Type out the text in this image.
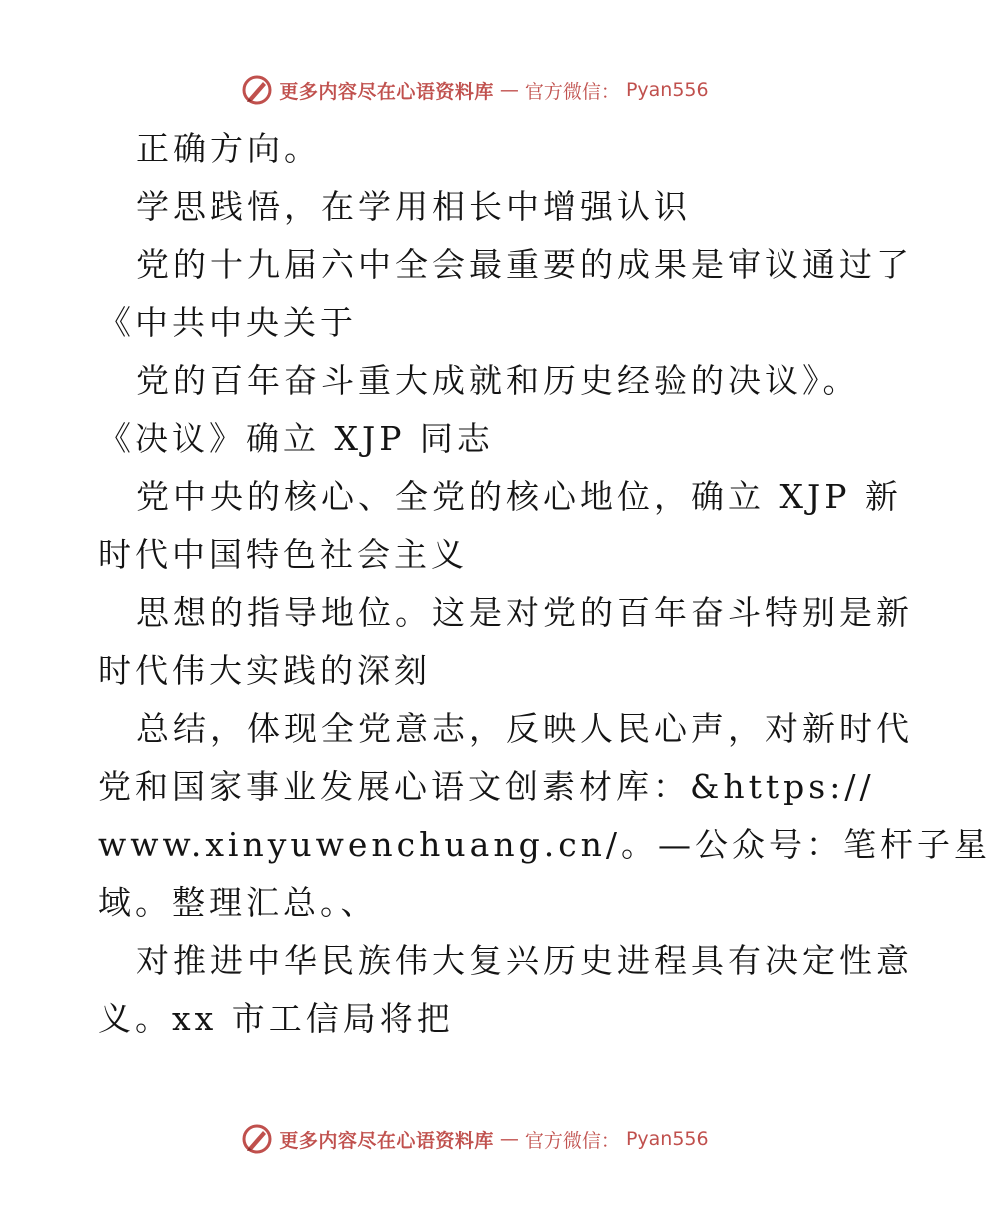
更多内容尽在心语资料库 — 官方微信： Pyan556
正确方向。
学思践悟，在学用相长中增强认识
党的十九届六中全会最重要的成果是审议通过了
《中共中央关于
党的百年奋斗重大成就和历史经验的决议》。
《决议》确立 XJP 同志
党中央的核心、全党的核心地位，确立 XJP 新
时代中国特色社会主义
思想的指导地位。这是对党的百年奋斗特别是新
时代伟大实践的深刻
总结，体现全党意志，反映人民心声，对新时代
党和国家事业发展心语文创素材库：&https://
www.xinyuwenchuang.cn/。—公众号：笔杆子星
域。整理汇总。、
对推进中华民族伟大复兴历史进程具有决定性意
义。xx 市工信局将把
更多内容尽在心语资料库 — 官方微信： Pyan556
